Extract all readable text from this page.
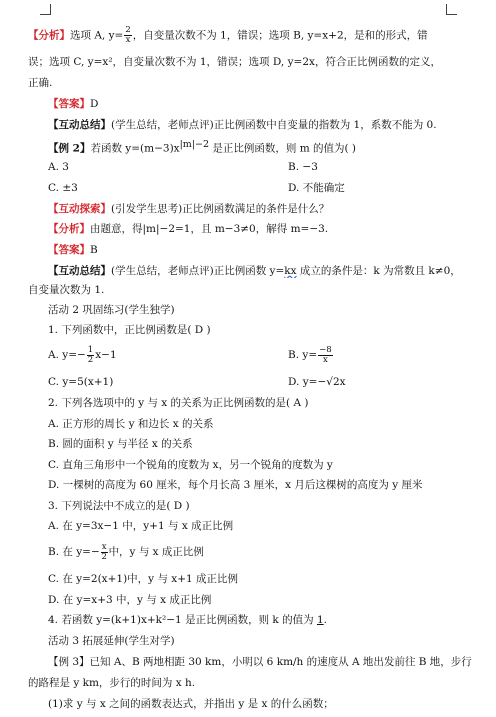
【分析】选项 A, $y= \frac{2}{x}$ ，自变量次数不为 1，错误；选项 B, y=x+2，是和的形式，错
误；选项 C, y=x²，自变量次数不为 1，错误；选项 D, y=2x，符合正比例函数的定义，
正确.
【答案】D
【互动总结】(学生总结，老师点评)正比例函数中自变量的指数为 1，系数不能为 0.
【例 2】若函数 $y=(m-3)x^{|m|-2}$ 是正比例函数，则 m 的值为( )
A. 3	B. −3
C. ±3	D. 不能确定
【互动探索】(引发学生思考)正比例函数满足的条件是什么？
【分析】由题意，得|m|−2=1，且 m−3≠0，解得 m=−3.
【答案】B
【互动总结】(学生总结，老师点评)正比例函数 y=kx 成立的条件是：k 为常数且 k≠0，
自变量次数为 1.
活动 2 巩固练习(学生独学)
1. 下列函数中，正比例函数是( D )
A. $y=- \frac{1}{2} x-1$	B. $y= \frac{-8}{x}$
C. y=5(x+1)	D. y=−√2x
2. 下列各选项中的 y 与 x 的关系为正比例函数的是( A )
A. 正方形的周长 y 和边长 x 的关系
B. 圆的面积 y 与半径 x 的关系
C. 直角三角形中一个锐角的度数为 x，另一个锐角的度数为 y
D. 一棵树的高度为 60 厘米，每个月长高 3 厘米，x 月后这棵树的高度为 y 厘米
3. 下列说法中不成立的是( D )
A. 在 y=3x−1 中，y+1 与 x 成正比例
B. 在 $y=- \frac{x}{2}$ 中，y 与 x 成正比例
C. 在 y=2(x+1)中，y 与 x+1 成正比例
D. 在 y=x+3 中，y 与 x 成正比例
4. 若函数 y=(k+1)x+k²−1 是正比例函数，则 k 的值为 1.
活动 3 拓展延伸(学生对学)
【例 3】已知 A、B 两地相距 30 km，小明以 6 km/h 的速度从 A 地出发前往 B 地，步行
的路程是 y km，步行的时间为 x h.
(1)求 y 与 x 之间的函数表达式，并指出 y 是 x 的什么函数；
